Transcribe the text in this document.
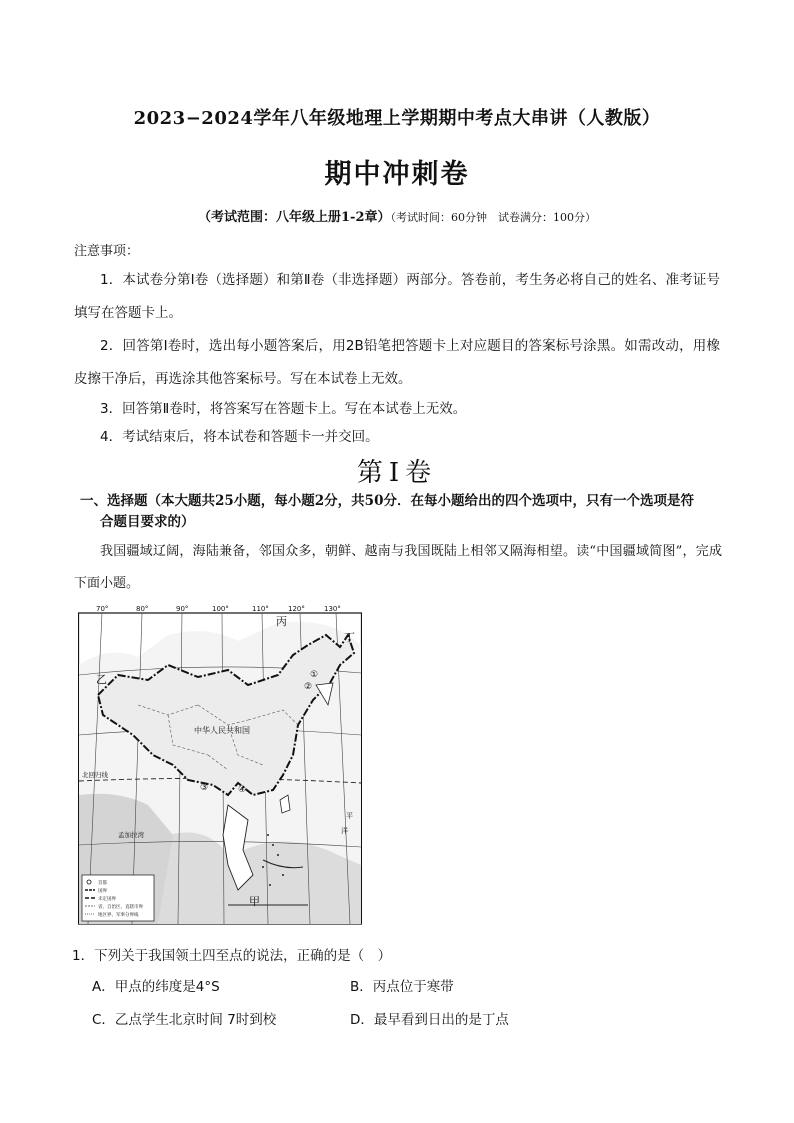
2023−2024学年八年级地理上学期期中考点大串讲（人教版）
期中冲刺卷
（考试范围：八年级上册1-2章）（考试时间：60分钟　试卷满分：100分）
注意事项：
1．本试卷分第Ⅰ卷（选择题）和第Ⅱ卷（非选择题）两部分。答卷前，考生务必将自己的姓名、准考证号填写在答题卡上。
2．回答第Ⅰ卷时，选出每小题答案后，用2B铅笔把答题卡上对应题目的答案标号涂黑。如需改动，用橡皮擦干净后，再选涂其他答案标号。写在本试卷上无效。
3．回答第Ⅱ卷时，将答案写在答题卡上。写在本试卷上无效。
4．考试结束后，将本试卷和答题卡一并交回。
第Ⅰ卷
一、选择题（本大题共25小题，每小题2分，共50分．在每小题给出的四个选项中，只有一个选项是符
合题目要求的）
我国疆域辽阔，海陆兼备，邻国众多，朝鲜、越南与我国既陆上相邻又隔海相望。读“中国疆域简图”，完成下面小题。
70°	80°	90°	100°	110°	120°	130°
丙
丁
乙
甲
①
②
③	④
中华人民共和国
北回归线
孟加拉湾
平
洋
首都
国界
未定国界
省、自治区、直辖市界
地区界、军事分界线
1．下列关于我国领土四至点的说法，正确的是（　）
A．甲点的纬度是4°S	B．丙点位于寒带
C．乙点学生北京时间 7时到校	D．最早看到日出的是丁点
